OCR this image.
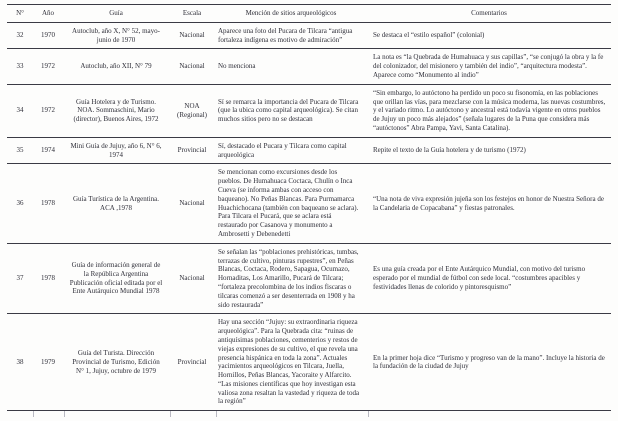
N°	Año	Guía	Escala	Mención de sitios arqueológicos	Comentarios
32	1970	Autoclub, año X, N° 52, mayo-junio de 1970	Nacional	Aparece una foto del Pucara de Tilcara “antigua fortaleza indígena es motivo de admiración”	Se destaca el “estilo español” (colonial)
33	1972	Autoclub, año XII, N° 79	Nacional	No menciona	La nota es “la Quebrada de Humahuaca y sus capillas”, “se conjugó la obra y la fe del colonizador, del misionero y también del indio”, “arquitectura modesta”. Aparece como “Monumento al indio”
34	1972	Guía Hotelera y de Turismo. NOA. Sommaschini, Mario (director), Buenos Aires, 1972	NOA (Regional)	Sí se remarca la importancia del Pucara de Tilcara (que la ubica como capital arqueológica). Se citan muchos sitios pero no se destacan	“Sin embargo, lo autóctono ha perdido un poco su fisonomía, en las poblaciones que orillan las vías, para mezclarse con la música moderna, las nuevas costumbres, y el variado ritmo. Lo autóctono y ancestral está todavía vigente en otros pueblos de Jujuy un poco más alejados” (señala lugares de la Puna que considera más “autóctonos” Abra Pampa, Yavi, Santa Catalina).
35	1974	Mini Guía de Jujuy, año 6, N° 6, 1974	Provincial	Sí, destacado el Pucara y Tilcara como capital arqueológica	Repite el texto de la Guía hotelera y de turismo (1972)
36	1978	Guía Turística de la Argentina. ACA ,1978	Nacional	Se mencionan como excursiones desde los pueblos. De Humahuaca Coctaca, Chulín o Inca Cueva (se informa ambas con acceso con baqueano). No Peñas Blancas. Para Purmamarca Huachichocana (también con baqueano se aclara). Para Tilcara el Pucará, que se aclara está restaurado por Casanova y monumento a Ambrosetti y Debenedetti	“Una nota de viva expresión jujeña son los festejos en honor de Nuestra Señora de la Candelaria de Copacabana” y fiestas patronales.
37	1978	Guía de información general de la República Argentina Publicación oficial editada por el Ente Autárquico Mundial 1978	Nacional	Se señalan las “poblaciones prehistóricas, tumbas, terrazas de cultivo, pinturas rupestres”, en Peñas Blancas, Coctaca, Rodero, Sapagua, Ocumazo, Hornaditas, Los Amarillo, Pucará de Tilcara; “fortaleza precolombina de los indios fiscaras o tilcaras comenzó a ser desenterrada en 1908 y ha sido restaurada”	Es una guía creada por el Ente Autárquico Mundial, con motivo del turismo esperado por el mundial de fútbol con sede local. “costumbres apacibles y festividades llenas de colorido y pintoresquismo”
38	1979	Guía del Turista. Dirección Provincial de Turismo, Edición N° 1, Jujuy, octubre de 1979	Provincial	Hay una sección “Jujuy: su extraordinaria riqueza arqueológica”. Para la Quebrada cita: “ruinas de antiquísimas poblaciones, cementerios y restos de viejas expresiones de su cultivo, el que revela una presencia hispánica en toda la zona”. Actuales yacimientos arqueológicos en Tilcara, Juella, Hornillos, Peñas Blancas, Yacoraite y Alfarcito. “Las misiones científicas que hoy investigan esta valiosa zona resaltan la vastedad y riqueza de toda la región”	En la primer hoja dice “Turismo y progreso van de la mano”. Incluye la historia de la fundación de la ciudad de Jujuy
